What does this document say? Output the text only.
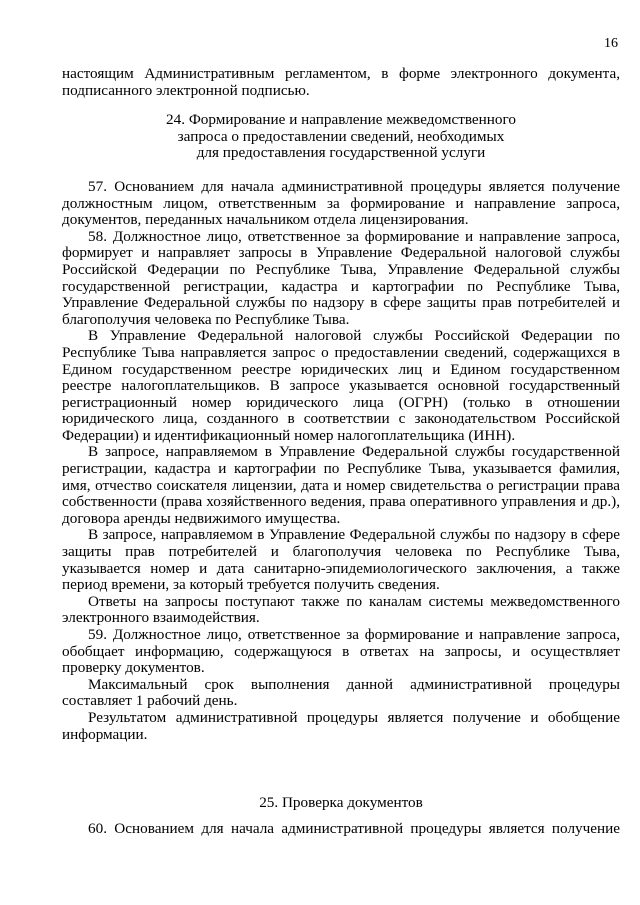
16

настоящим Административным регламентом, в форме электронного документа, подписанного электронной подписью.

24. Формирование и направление межведомственного
запроса о предоставлении сведений, необходимых
для предоставления государственной услуги

57. Основанием для начала административной процедуры является получение должностным лицом, ответственным за формирование и направление запроса, документов, переданных начальником отдела лицензирования.

58. Должностное лицо, ответственное за формирование и направление запроса, формирует и направляет запросы в Управление Федеральной налоговой службы Российской Федерации по Республике Тыва, Управление Федеральной службы государственной регистрации, кадастра и картографии по Республике Тыва, Управление Федеральной службы по надзору в сфере защиты прав потребителей и благополучия человека по Республике Тыва.

В Управление Федеральной налоговой службы Российской Федерации по Республике Тыва направляется запрос о предоставлении сведений, содержащихся в Едином государственном реестре юридических лиц и Едином государственном реестре налогоплательщиков. В запросе указывается основной государственный регистрационный номер юридического лица (ОГРН) (только в отношении юридического лица, созданного в соответствии с законодательством Российской Федерации) и идентификационный номер налогоплательщика (ИНН).

В запросе, направляемом в Управление Федеральной службы государственной регистрации, кадастра и картографии по Республике Тыва, указывается фамилия, имя, отчество соискателя лицензии, дата и номер свидетельства о регистрации права собственности (права хозяйственного ведения, права оперативного управления и др.), договора аренды недвижимого имущества.

В запросе, направляемом в Управление Федеральной службы по надзору в сфере защиты прав потребителей и благополучия человека по Республике Тыва, указывается номер и дата санитарно-эпидемиологического заключения, а также период времени, за который требуется получить сведения.

Ответы на запросы поступают также по каналам системы межведомственного электронного взаимодействия.

59. Должностное лицо, ответственное за формирование и направление запроса, обобщает информацию, содержащуюся в ответах на запросы, и осуществляет проверку документов.

Максимальный срок выполнения данной административной процедуры составляет 1 рабочий день.

Результатом административной процедуры является получение и обобщение информации.

25. Проверка документов

60. Основанием для начала административной процедуры является получение
